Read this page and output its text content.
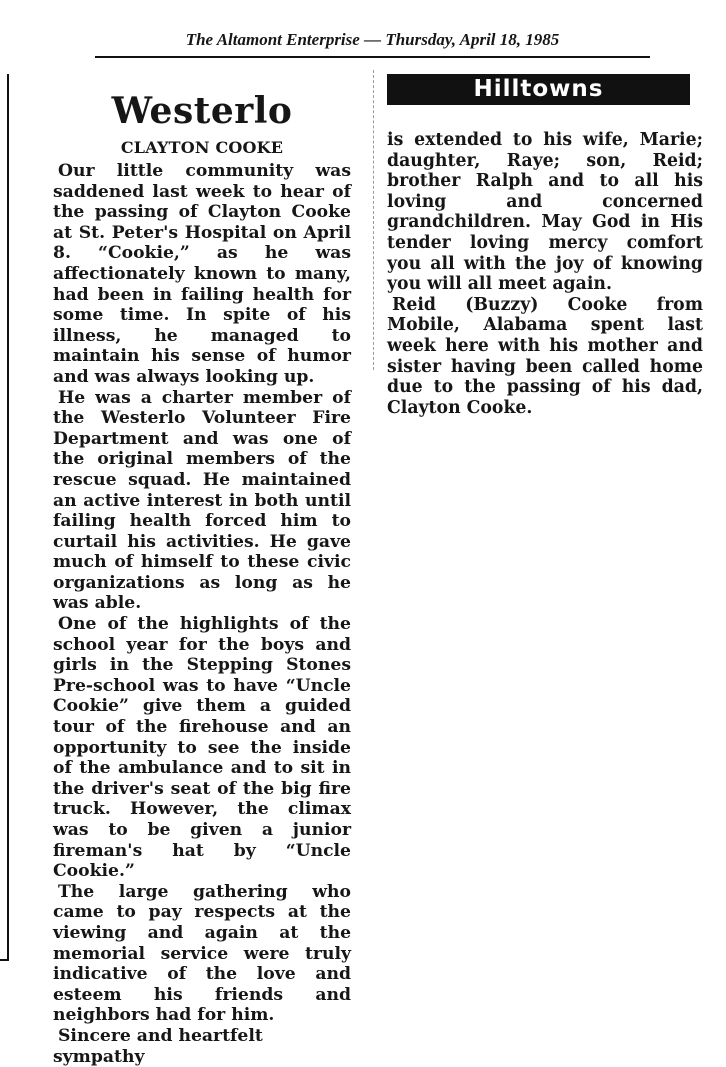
The Altamont Enterprise — Thursday, April 18, 1985
Westerlo
CLAYTON COOKE

Our little community was saddened last week to hear of the passing of Clayton Cooke at St. Peter's Hospital on April 8. “Cookie,” as he was affectionately known to many, had been in failing health for some time. In spite of his illness, he managed to maintain his sense of humor and was always looking up.

He was a charter member of the Westerlo Volunteer Fire Department and was one of the original members of the rescue squad. He maintained an active interest in both until failing health forced him to curtail his activities. He gave much of himself to these civic organizations as long as he was able.

One of the highlights of the school year for the boys and girls in the Stepping Stones Pre-school was to have “Uncle Cookie” give them a guided tour of the firehouse and an opportunity to see the inside of the ambulance and to sit in the driver's seat of the big fire truck. However, the climax was to be given a junior fireman's hat by “Uncle Cookie.”

The large gathering who came to pay respects at the viewing and again at the memorial service were truly indicative of the love and esteem his friends and neighbors had for him.

Sincere and heartfelt sympathy

Hilltowns

is extended to his wife, Marie; daughter, Raye; son, Reid; brother Ralph and to all his loving and concerned grandchildren. May God in His tender loving mercy comfort you all with the joy of knowing you will all meet again.

Reid (Buzzy) Cooke from Mobile, Alabama spent last week here with his mother and sister having been called home due to the passing of his dad, Clayton Cooke.
